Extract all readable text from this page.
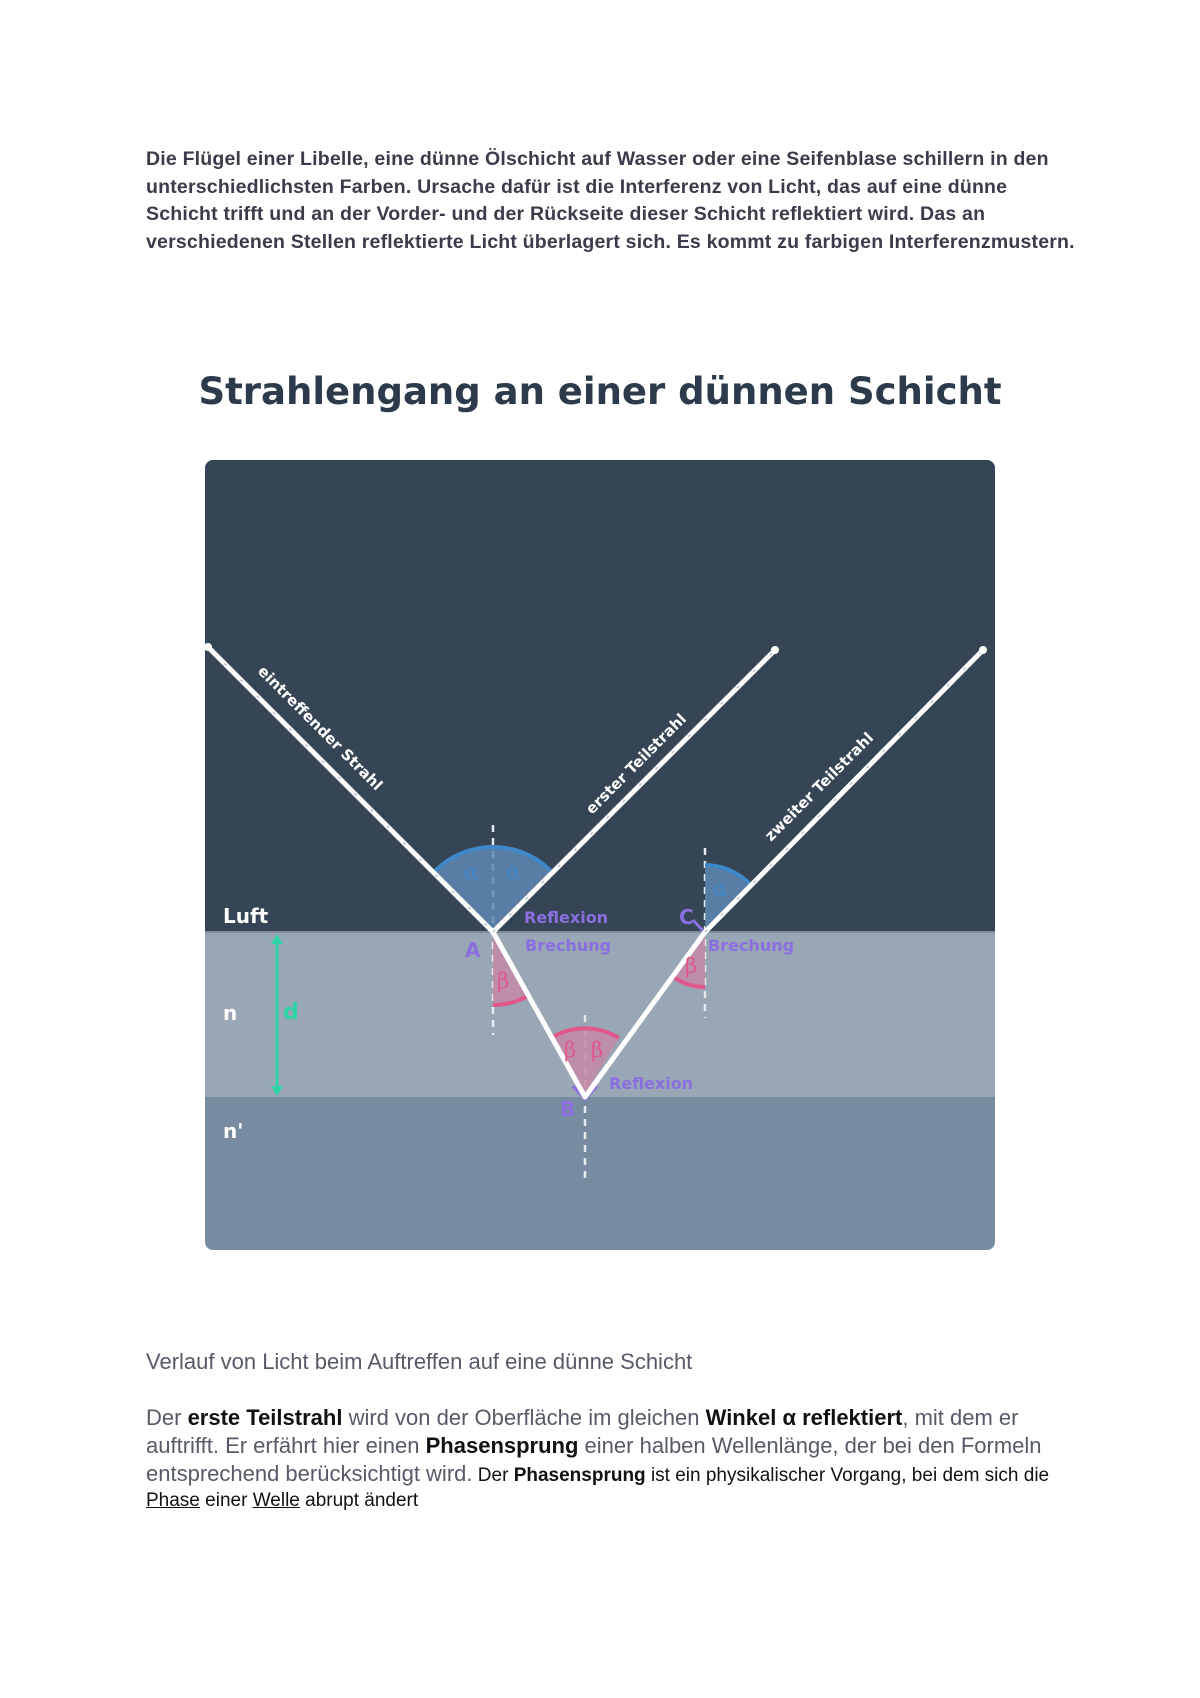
Die Flügel einer Libelle, eine dünne Ölschicht auf Wasser oder eine Seifenblase schillern in den unterschiedlichsten Farben. Ursache dafür ist die Interferenz von Licht, das auf eine dünne Schicht trifft und an der Vorder- und der Rückseite dieser Schicht reflektiert wird. Das an verschiedenen Stellen reflektierte Licht überlagert sich. Es kommt zu farbigen Interferenzmustern.

Strahlengang an einer dünnen Schicht
eintreffender Strahl	erster Teilstrahl	zweiter Teilstrahl
Reflexion
Brechung	Brechung
Reflexion
A
B
C
Luft
n
n'
d
α α
α
β
β
β β

Verlauf von Licht beim Auftreffen auf eine dünne Schicht

Der erste Teilstrahl wird von der Oberfläche im gleichen Winkel α reflektiert, mit dem er auftrifft. Er erfährt hier einen Phasensprung einer halben Wellenlänge, der bei den Formeln entsprechend berücksichtigt wird. Der Phasensprung ist ein physikalischer Vorgang, bei dem sich die Phase einer Welle abrupt ändert
